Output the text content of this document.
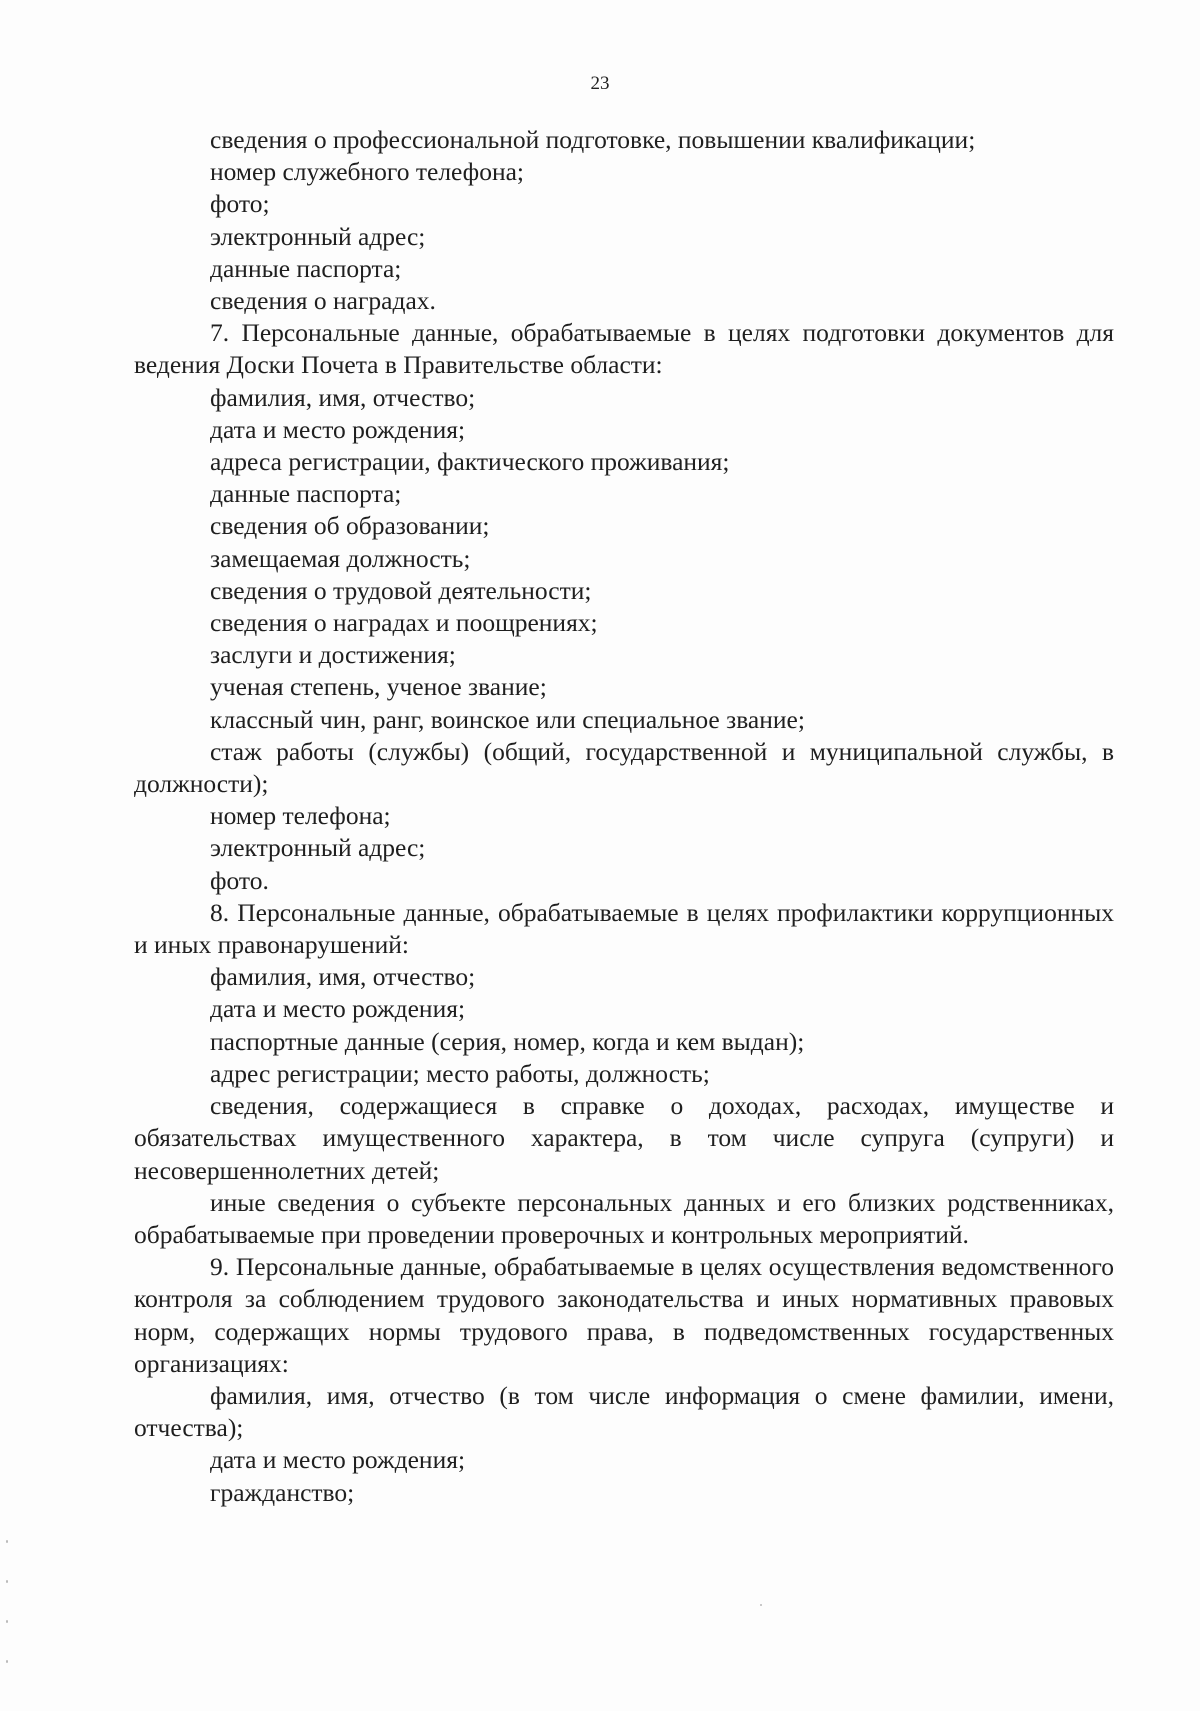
23

сведения о профессиональной подготовке, повышении квалификации;

номер служебного телефона;

фото;

электронный адрес;

данные паспорта;

сведения о наградах.

7. Персональные данные, обрабатываемые в целях подготовки документов для ведения Доски Почета в Правительстве области:

фамилия, имя, отчество;

дата и место рождения;

адреса регистрации, фактического проживания;

данные паспорта;

сведения об образовании;

замещаемая должность;

сведения о трудовой деятельности;

сведения о наградах и поощрениях;

заслуги и достижения;

ученая степень, ученое звание;

классный чин, ранг, воинское или специальное звание;

стаж работы (службы) (общий, государственной и муниципальной службы, в должности);

номер телефона;

электронный адрес;

фото.

8. Персональные данные, обрабатываемые в целях профилактики коррупционных и иных правонарушений:

фамилия, имя, отчество;

дата и место рождения;

паспортные данные (серия, номер, когда и кем выдан);

адрес регистрации; место работы, должность;

сведения, содержащиеся в справке о доходах, расходах, имуществе и обязательствах имущественного характера, в том числе супруга (супруги) и несовершеннолетних детей;

иные сведения о субъекте персональных данных и его близких родственниках, обрабатываемые при проведении проверочных и контрольных мероприятий.

9. Персональные данные, обрабатываемые в целях осуществления ведомственного контроля за соблюдением трудового законодательства и иных нормативных правовых норм, содержащих нормы трудового права, в подведомственных государственных организациях:

фамилия, имя, отчество (в том числе информация о смене фамилии, имени, отчества);

дата и место рождения;

гражданство;
